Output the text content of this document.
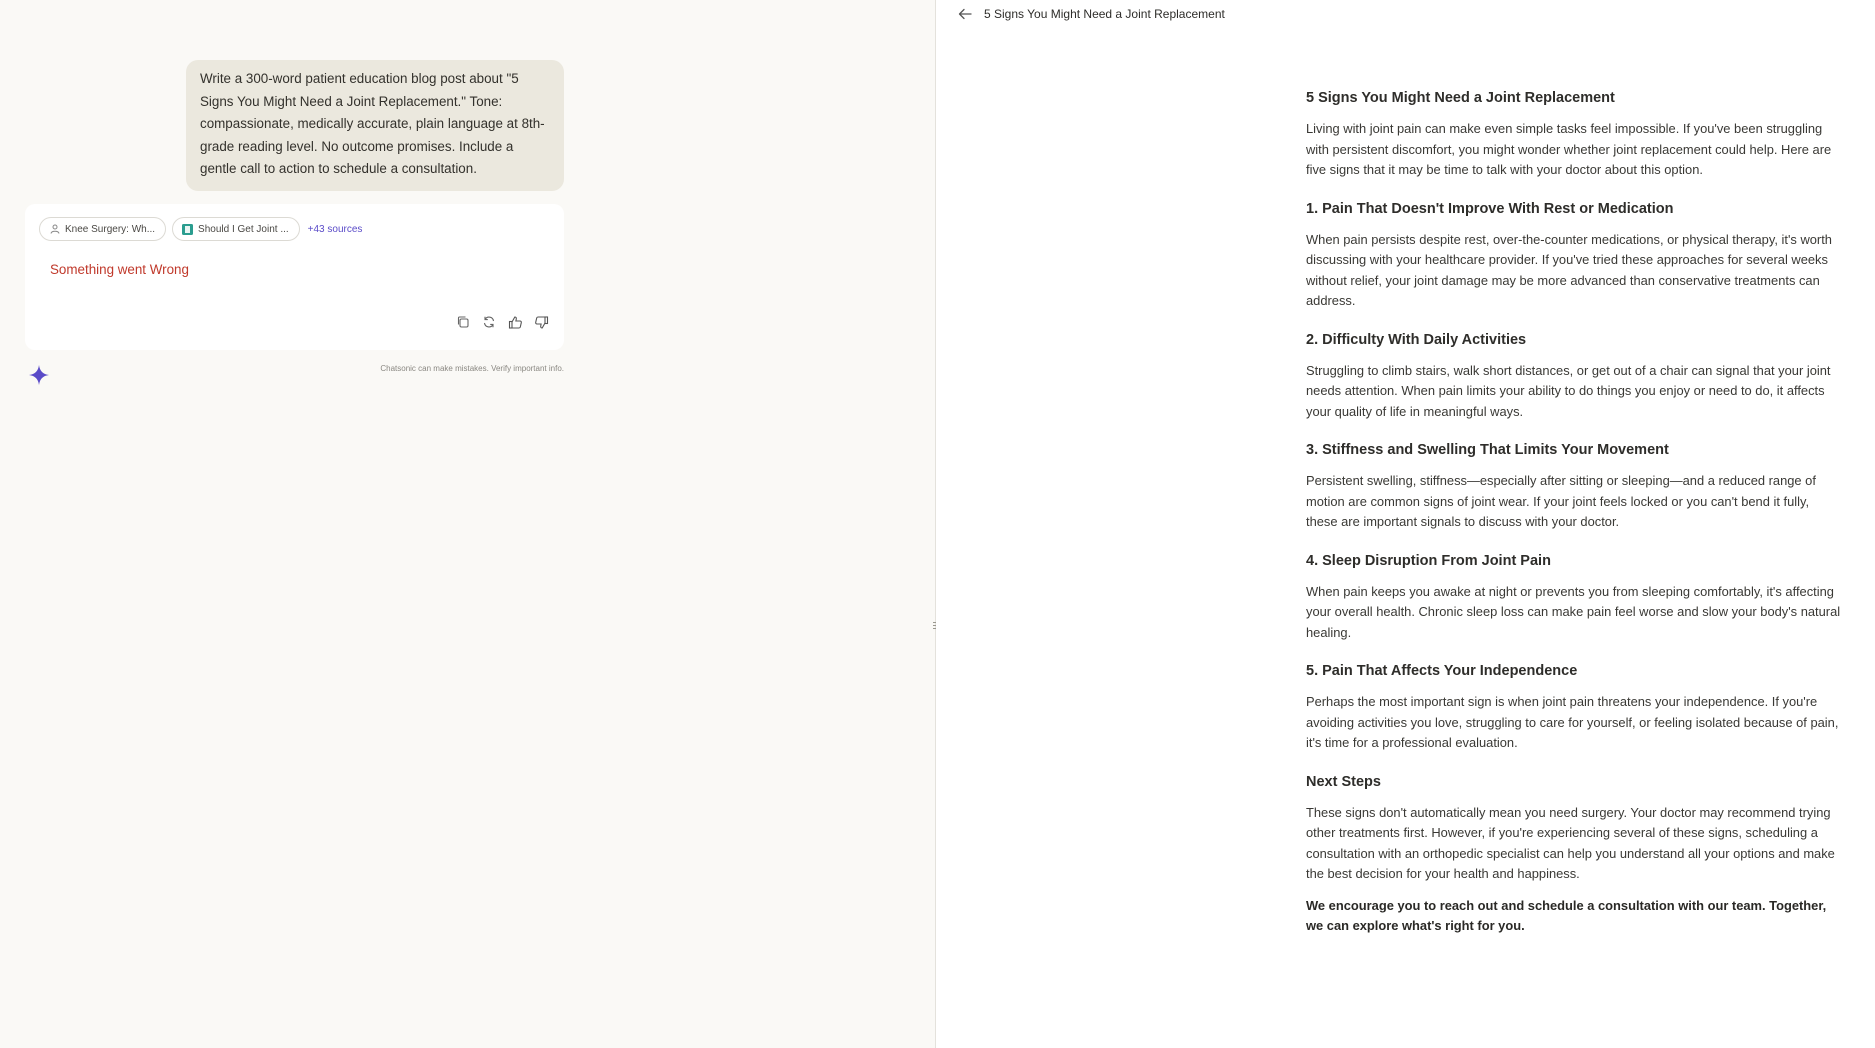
Write a 300-word patient education blog post about "5 Signs You Might Need a Joint Replacement." Tone: compassionate, medically accurate, plain language at 8th-grade reading level. No outcome promises. Include a gentle call to action to schedule a consultation.
Knee Surgery: Wh...	Should I Get Joint ... +43 sources
Something went Wrong
Chatsonic can make mistakes. Verify important info.
5 Signs You Might Need a Joint Replacement
5 Signs You Might Need a Joint Replacement

Living with joint pain can make even simple tasks feel impossible. If you've been struggling with persistent discomfort, you might wonder whether joint replacement could help. Here are five signs that it may be time to talk with your doctor about this option.

1. Pain That Doesn't Improve With Rest or Medication

When pain persists despite rest, over-the-counter medications, or physical therapy, it's worth discussing with your healthcare provider. If you've tried these approaches for several weeks without relief, your joint damage may be more advanced than conservative treatments can address.

2. Difficulty With Daily Activities

Struggling to climb stairs, walk short distances, or get out of a chair can signal that your joint needs attention. When pain limits your ability to do things you enjoy or need to do, it affects your quality of life in meaningful ways.

3. Stiffness and Swelling That Limits Your Movement

Persistent swelling, stiffness—especially after sitting or sleeping—and a reduced range of motion are common signs of joint wear. If your joint feels locked or you can't bend it fully, these are important signals to discuss with your doctor.

4. Sleep Disruption From Joint Pain

When pain keeps you awake at night or prevents you from sleeping comfortably, it's affecting your overall health. Chronic sleep loss can make pain feel worse and slow your body's natural healing.

5. Pain That Affects Your Independence

Perhaps the most important sign is when joint pain threatens your independence. If you're avoiding activities you love, struggling to care for yourself, or feeling isolated because of pain, it's time for a professional evaluation.

Next Steps

These signs don't automatically mean you need surgery. Your doctor may recommend trying other treatments first. However, if you're experiencing several of these signs, scheduling a consultation with an orthopedic specialist can help you understand all your options and make the best decision for your health and happiness.

We encourage you to reach out and schedule a consultation with our team. Together, we can explore what's right for you.
